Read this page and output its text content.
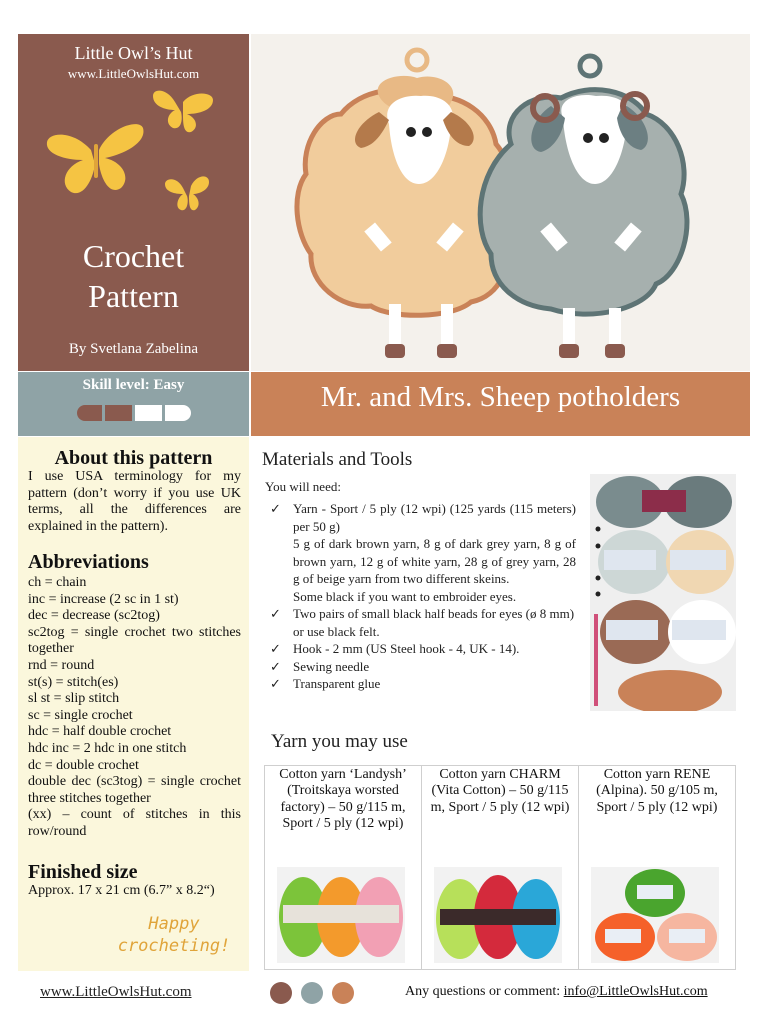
Little Owl’s Hut
www.LittleOwlsHut.com
Crochet
Pattern
By Svetlana Zabelina
Skill level: Easy	Mr. and Mrs. Sheep potholders
About this pattern
I use USA terminology for my pattern (don’t worry if you use UK terms, all the differences are explained in the pattern).
Abbreviations
ch = chain
inc = increase (2 sc in 1 st)
dec = decrease (sc2tog)
sc2tog = single crochet two stitches together
rnd = round
st(s) = stitch(es)
sl st = slip stitch
sc = single crochet
hdc = half double crochet
hdc inc = 2 hdc in one stitch
dc = double crochet
double dec (sc3tog) = single crochet three stitches together
(xx) – count of stitches in this row/round
Finished size
Approx. 17 x 21 cm (6.7” x 8.2“)
Happy
crocheting!
Materials and Tools
You will need:
✓ Yarn - Sport / 5 ply (12 wpi) (125 yards (115 meters) per 50 g)
5 g of dark brown yarn, 8 g of dark grey yarn, 8 g of brown yarn, 12 g of white yarn, 28 g of grey yarn, 28 g of beige yarn from two different skeins.
Some black if you want to embroider eyes.
✓ Two pairs of small black half beads for eyes (ø 8 mm) or use black felt.
✓ Hook - 2 mm (US Steel hook - 4, UK - 14).
✓ Sewing needle
✓ Transparent glue
Yarn you may use
Cotton yarn ‘Landysh’ (Troitskaya worsted factory) – 50 g/115 m, Sport / 5 ply (12 wpi)
Cotton yarn CHARM (Vita Cotton) – 50 g/115 m, Sport / 5 ply (12 wpi)
Cotton yarn RENE (Alpina). 50 g/105 m, Sport / 5 ply (12 wpi)
www.LittleOwlsHut.com	Any questions or comment: info@LittleOwlsHut.com
